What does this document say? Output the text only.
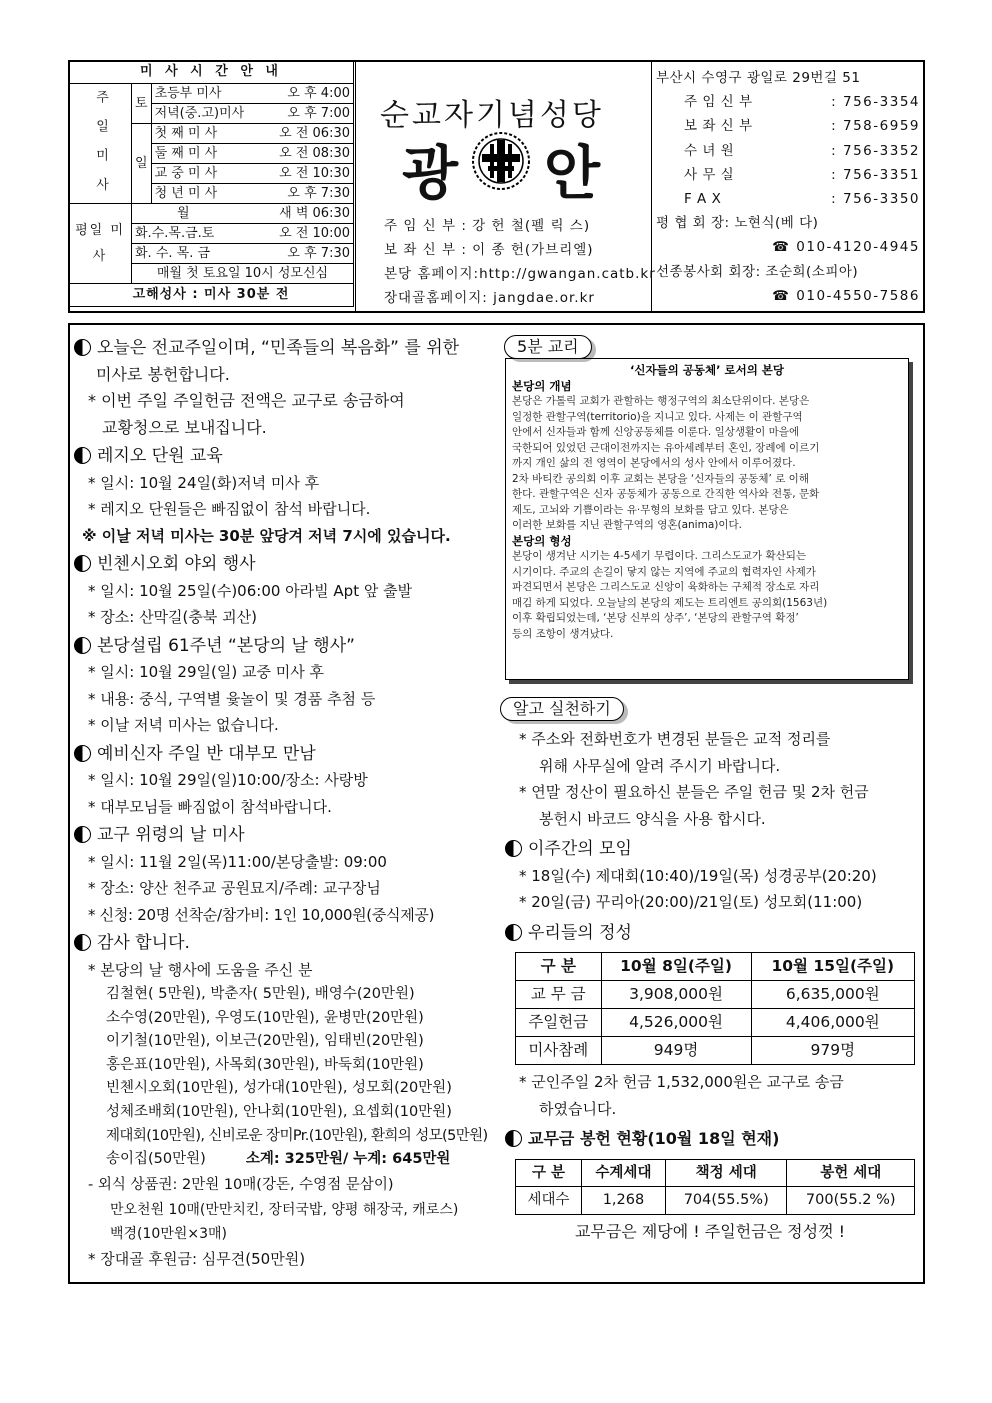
미 사 시 간 안 내		
주 일 미 사	토	초등부 미사 오 후 4:00

		저녁(중.고)미사 오 후 7:00

	일	첫 째 미 사 오 전 06:30

		둘 째 미 사 오 전 08:30

		교 중 미 사 오 전 10:30

		청 년 미 사 오 후 7:30

평일 미사	월 새 벽 06:30	

	화.수.목.금.토 오 전 10:00	

	화. 수. 목. 금 오 후 7:30	

	매월 첫 토요일 10시 성모신심	
고해성사 : 미사 30분 전		
순교자기념성당
광 안
주 임 신 부 : 강 헌 철(펠 릭 스)
보 좌 신 부 : 이 종 헌(가브리엘)
본당 홈페이지:http://gwangan.catb.kr
장대골홈페이지: jangdae.or.kr
부산시 수영구 광일로 29번길 51
주 임 신 부	: 756-3354
보 좌 신 부	: 758-6959
수 녀 원	: 756-3352
사 무 실	: 756-3351
F A X	: 756-3350
평 협 회 장: 노현식(베 다)
☎ 010-4120-4945
선종봉사회 회장: 조순희(소피아)
☎ 010-4550-7586
오늘은 전교주일이며, “민족들의 복음화” 를 위한
미사로 봉헌합니다.
* 이번 주일 주일헌금 전액은 교구로 송금하여
교황청으로 보내집니다.
레지오 단원 교육
* 일시: 10월 24일(화)저녁 미사 후
* 레지오 단원들은 빠짐없이 참석 바랍니다.
※ 이날 저녁 미사는 30분 앞당겨 저녁 7시에 있습니다.
빈첸시오회 야외 행사
* 일시: 10월 25일(수)06:00 아라빌 Apt 앞 출발
* 장소: 산막길(충북 괴산)
본당설립 61주년 “본당의 날 행사”
* 일시: 10월 29일(일) 교중 미사 후
* 내용: 중식, 구역별 윷놀이 및 경품 추첨 등
* 이날 저녁 미사는 없습니다.
예비신자 주일 반 대부모 만남
* 일시: 10월 29일(일)10:00/장소: 사랑방
* 대부모님들 빠짐없이 참석바랍니다.
교구 위령의 날 미사
* 일시: 11월 2일(목)11:00/본당출발: 09:00
* 장소: 양산 천주교 공원묘지/주례: 교구장님
* 신청: 20명 선착순/참가비: 1인 10,000원(중식제공)
감사 합니다.
* 본당의 날 행사에 도움을 주신 분
김철현( 5만원), 박춘자( 5만원), 배영수(20만원)
소수영(20만원), 우영도(10만원), 윤병만(20만원)
이기철(10만원), 이보근(20만원), 임태빈(20만원)
홍은표(10만원), 사목회(30만원), 바둑회(10만원)
빈첸시오회(10만원), 성가대(10만원), 성모회(20만원)
성체조배회(10만원), 안나회(10만원), 요셉회(10만원)
제대회(10만원), 신비로운 장미Pr.(10만원), 환희의 성모(5만원)
송이집(50만원)	소계: 325만원/ 누계: 645만원
- 외식 상품권: 2만원 10매(강돈, 수영점 문삼이)
만오천원 10매(만만치킨, 장터국밥, 양평 해장국, 캐로스)
백경(10만원×3매)
* 장대골 후원금: 심무견(50만원)
5분 교리
‘신자들의 공동체’ 로서의 본당
본당의 개념
본당은 가톨릭 교회가 관할하는 행정구역의 최소단위이다. 본당은
일정한 관할구역(territorio)을 지니고 있다. 사제는 이 관할구역
안에서 신자들과 함께 신앙공동체를 이룬다. 일상생활이 마을에
국한되어 있었던 근대이전까지는 유아세례부터 혼인, 장례에 이르기
까지 개인 삶의 전 영역이 본당에서의 성사 안에서 이루어졌다.
2차 바티칸 공의회 이후 교회는 본당을 ‘신자들의 공동체’ 로 이해
한다. 관할구역은 신자 공동체가 공동으로 간직한 역사와 전통, 문화
제도, 고뇌와 기쁨이라는 유·무형의 보화를 담고 있다. 본당은
이러한 보화를 지닌 관할구역의 영혼(anima)이다.
본당의 형성
본당이 생겨난 시기는 4-5세기 무렵이다. 그리스도교가 확산되는
시기이다. 주교의 손길이 닿지 않는 지역에 주교의 협력자인 사제가
파견되면서 본당은 그리스도교 신앙이 육화하는 구체적 장소로 자리
매김 하게 되었다. 오늘날의 본당의 제도는 트리엔트 공의회(1563년)
이후 확립되었는데, ‘본당 신부의 상주’, ‘본당의 관할구역 확정’
등의 조항이 생겨났다.
알고 실천하기
* 주소와 전화번호가 변경된 분들은 교적 정리를
위해 사무실에 알려 주시기 바랍니다.
* 연말 정산이 필요하신 분들은 주일 헌금 및 2차 헌금
봉헌시 바코드 양식을 사용 합시다.
이주간의 모임
* 18일(수) 제대회(10:40)/19일(목) 성경공부(20:20)
* 20일(금) 꾸리아(20:00)/21일(토) 성모회(11:00)
우리들의 정성
구 분	10월 8일(주일)	10월 15일(주일)
교 무 금	3,908,000원	6,635,000원
주일헌금	4,526,000원	4,406,000원
미사참례	949명	979명
* 군인주일 2차 헌금 1,532,000원은 교구로 송금
하였습니다.
교무금 봉헌 현황(10월 18일 현재)
구 분	수계세대	책정 세대	봉헌 세대
세대수	1,268	704(55.5%)	700(55.2 %)
교무금은 제당에 ! 주일헌금은 정성껏 !
